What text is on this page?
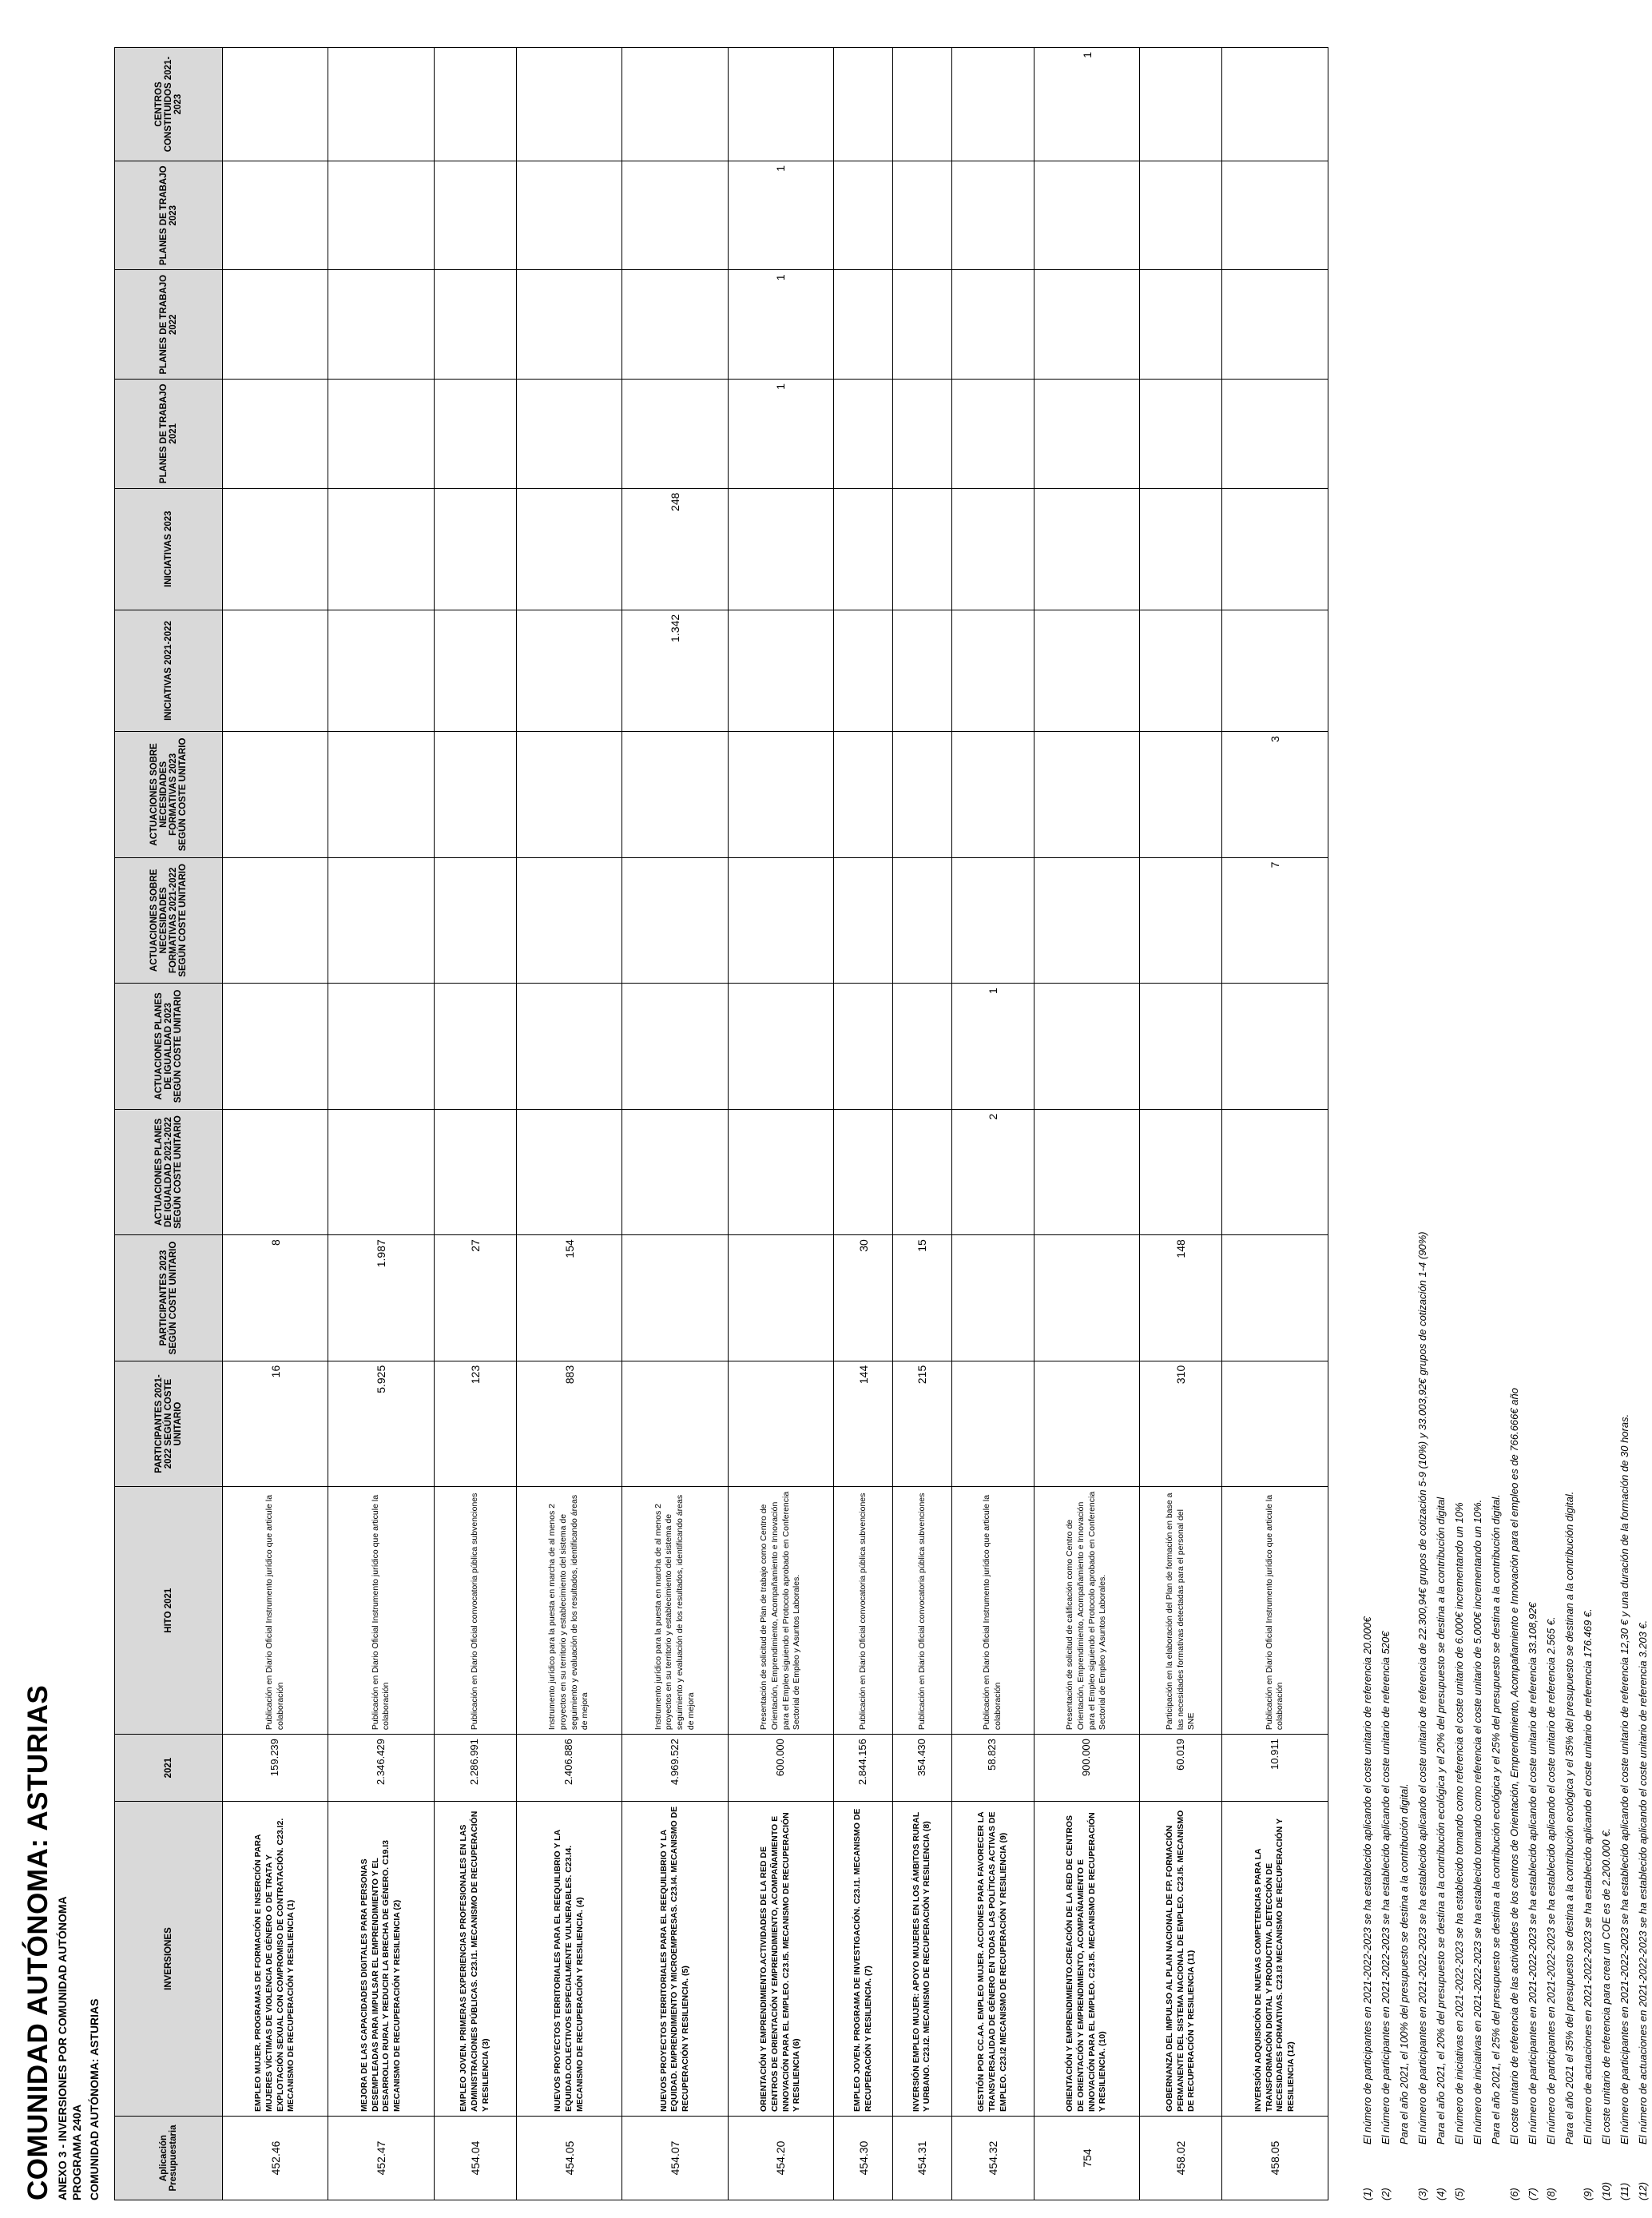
COMUNIDAD AUTÓNOMA: ASTURIAS ANEXO 3 - INVERSIONES POR COMUNIDAD AUTÓNOMA PROGRAMA 240A COMUNIDAD AUTÓNOMA: ASTURIAS	Aplicación Presupuestaria	INVERSIONES	2021	HITO 2021	PARTICIPANTES 2021-2022 SEGÚN COSTE UNITARIO	PARTICIPANTES 2023 SEGÚN COSTE UNITARIO	ACTUACIONES PLANES DE IGUALDAD 2021-2022 SEGÚN COSTE UNITARIO	ACTUACIONES PLANES DE IGUALDAD 2023 SEGÚN COSTE UNITARIO	ACTUACIONES SOBRE NECESIDADES FORMATIVAS 2021-2022 SEGÚN COSTE UNITARIO	ACTUACIONES SOBRE NECESIDADES FORMATIVAS 2023 SEGÚN COSTE UNITARIO	INICIATIVAS 2021-2022	INICIATIVAS 2023	PLANES DE TRABAJO 2021	PLANES DE TRABAJO 2022	PLANES DE TRABAJO 2023	CENTROS CONSTITUIDOS 2021-2023
452.46	EMPLEO MUJER. PROGRAMAS DE FORMACIÓN E INSERCIÓN PARA MUJERES VÍCTIMAS DE VIOLENCIA DE GÉNERO O DE TRATA Y EXPLOTACIÓN SEXUAL CON COMPROMISO DE CONTRATACIÓN. C23.I2. MECANISMO DE RECUPERACIÓN Y RESILIENCIA (1)	159.239	Publicación en Diario Oficial Instrumento jurídico que articule la colaboración	16	8										
452.47	MEJORA DE LAS CAPACIDADES DIGITALES PARA PERSONAS DESEMPLEADAS PARA IMPULSAR EL EMPRENDIMIENTO Y EL DESARROLLO RURAL Y REDUCIR LA BRECHA DE GÉNERO. C19.I3 MECANISMO DE RECUPERACIÓN Y RESILIENCIA (2)	2.346.429	Publicación en Diario Oficial Instrumento jurídico que articule la colaboración	5.925	1.987										
454.04	EMPLEO JOVEN. PRIMERAS EXPERIENCIAS PROFESIONALES EN LAS ADMINISTRACIONES PÚBLICAS. C23.I1. MECANISMO DE RECUPERACIÓN Y RESILIENCIA (3)	2.286.991	Publicación en Diario Oficial convocatoria pública subvenciones	123	27										
454.05	NUEVOS PROYECTOS TERRITORIALES PARA EL REEQUILIBRIO Y LA EQUIDAD.COLECTIVOS ESPECIALMENTE VULNERABLES. C23.I4. MECANISMO DE RECUPERACIÓN Y RESILIENCIA. (4)	2.406.886	Instrumento jurídico para la puesta en marcha de al menos 2 proyectos en su territorio y establecimiento del sistema de seguimiento y evaluación de los resultados, identificando áreas de mejora	883	154										
454.07	NUEVOS PROYECTOS TERRITORIALES PARA EL REEQUILIBRIO Y LA EQUIDAD. EMPRENDIMIENTO Y MICROEMPRESAS. C23.I4. MECANISMO DE RECUPERACIÓN Y RESILIENCIA. (5)	4.969.522	Instrumento jurídico para la puesta en marcha de al menos 2 proyectos en su territorio y establecimiento del sistema de seguimiento y evaluación de los resultados, identificando áreas de mejora							1.342	248				
454.20	ORIENTACIÓN Y EMPRENDIMIENTO.ACTIVIDADES DE LA RED DE CENTROS DE ORIENTACIÓN Y EMPRENDIMIENTO, ACOMPAÑAMIENTO E INNOVACIÓN PARA EL EMPLEO. C23.I5. MECANISMO DE RECUPERACIÓN Y RESILIENCIA (6)	600.000	Presentación de solicitud de Plan de trabajo como Centro de Orientación, Emprendimiento, Acompañamiento e Innovación para el Empleo siguiendo el Protocolo aprobado en Conferencia Sectorial de Empleo y Asuntos Laborales.									1	1	1	
454.30	EMPLEO JOVEN. PROGRAMA DE INVESTIGACIÓN. C23.I1. MECANISMO DE RECUPERACIÓN Y RESILIENCIA. (7)	2.844.156	Publicación en Diario Oficial convocatoria pública subvenciones	144	30										
454.31	INVERSIÓN EMPLEO MUJER: APOYO MUJERES EN LOS ÁMBITOS RURAL Y URBANO. C23.I2. MECANISMO DE RECUPERACIÓN Y RESILIENCIA (8)	354.430	Publicación en Diario Oficial convocatoria pública subvenciones	215	15										
454.32	GESTIÓN POR CC.AA. EMPLEO MUJER. ACCIONES PARA FAVORECER LA TRANSVERSALIDAD DE GÉNERO EN TODAS LAS POLÍTICAS ACTIVAS DE EMPLEO. C23.I2 MECANISMO DE RECUPERACIÓN Y RESILIENCIA (9)	58.823	Publicación en Diario Oficial Instrumento jurídico que articule la colaboración			2	1								
754	ORIENTACIÓN Y EMPRENDIMIENTO.CREACIÓN DE LA RED DE CENTROS DE ORIENTACIÓN Y EMPRENDIMIENTO, ACOMPAÑAMIENTO E INNOVACIÓN PARA EL EMPLEO. C23.I5. MECANISMO DE RECUPERACIÓN Y RESILIENCIA. (10)	900.000	Presentación de solicitud de calificación como Centro de Orientación, Emprendimiento, Acompañamiento e Innovación para el Empleo siguiendo el Protocolo aprobado en Conferencia Sectorial de Empleo y Asuntos Laborales.												1
458.02	GOBERNANZA DEL IMPULSO AL PLAN NACIONAL DE FP. FORMACIÓN PERMANENTE DEL SISTEMA NACIONAL DE EMPLEO. C23.I5. MECANISMO DE RECUPERACIÓN Y RESILIENCIA (11)	60.019	Participación en la elaboración del Plan de formación en base a las necesidades formativas detectadas para el personal del SNE	310	148										
458.05	INVERSIÓN ADQUISICIÓN DE NUEVAS COMPETENCIAS PARA LA TRANSFORMACIÓN DIGITAL Y PRODUCTIVA. DETECCIÓN DE NECESIDADES FORMATIVAS. C23.I3 MECANISMO DE RECUPERACIÓN Y RESILIENCIA (12)	10.911	Publicación en Diario Oficial Instrumento jurídico que articule la colaboración					7	3						
(1)El número de participantes en 2021-2022-2023 se ha establecido aplicando el coste unitario de referencia 20.000€
(2)El número de participantes en 2021-2022-2023 se ha establecido aplicando el coste unitario de referencia 520€ Para el año 2021, el 100% del presupuesto se destina a la contribución digital.
(3)El número de participantes en 2021-2022-2023 se ha establecido aplicando el coste unitario de referencia de 22.300,94€ grupos de cotización 5-9 (10%) y 33.003,92€ grupos de cotización 1-4 (90%)
(4)Para el año 2021, el 20% del presupuesto se destina a la contribución ecológica y el 20% del presupuesto se destina a la contribución digital
(5)El número de iniciativas en 2021-2022-2023 se ha establecido tomando como referencia el coste unitario de 6.000€ incrementando un 10% El número de iniciativas en 2021-2022-2023 se ha establecido tomando como referencia el coste unitario de 5.000€ incrementando un 10%. Para el año 2021, el 25% del presupuesto se destina a la contribución ecológica y el 25% del presupuesto se destina a la contribución digital.
(6)El coste unitario de referencia de las actividades de los centros de Orientación, Emprendimiento, Acompañamiento e Innovación para el empleo es de 766.666€ año
(7)El número de participantes en 2021-2022-2023 se ha establecido aplicando el coste unitario de referencia 33.108,92€
(8)El número de participantes en 2021-2022-2023 se ha establecido aplicando el coste unitario de referencia 2.565 €. Para el año 2021 el 35% del presupuesto se destina a la contribución ecológica y el 35% del presupuesto se destinan a la contribución digital.
(9)El número de actuaciones en 2021-2022-2023 se ha establecido aplicando el coste unitario de referencia 176.469 €.
(10)El coste unitario de referencia para crear un COE es de 2.200.000 €.
(11)El número de participantes en 2021-2022-2023 se ha establecido aplicando el coste unitario de referencia 12,30 € y una duración de la formación de 30 horas.
(12)El número de actuaciones en 2021-2022-2023 se ha establecido aplicando el coste unitario de referencia 3.203 €.
